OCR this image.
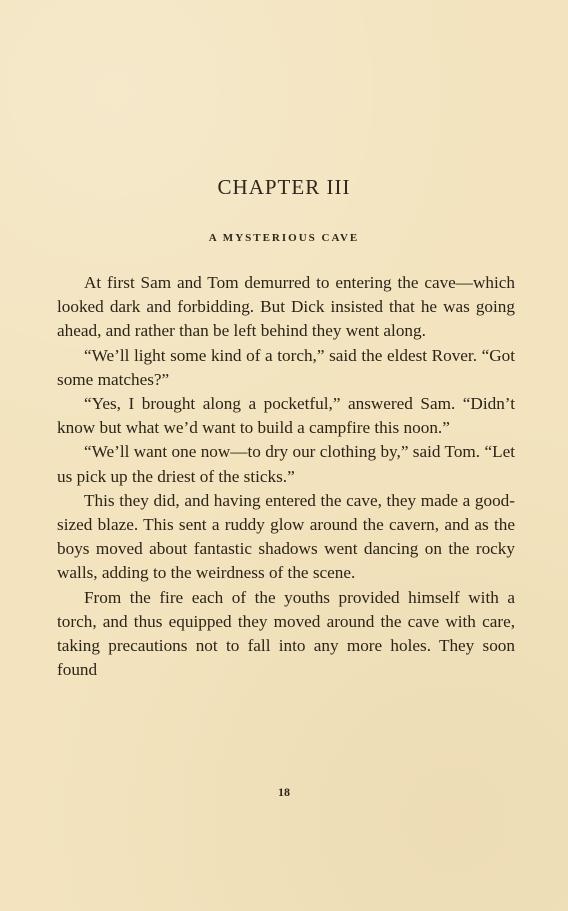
CHAPTER III
A MYSTERIOUS CAVE

At first Sam and Tom demurred to entering the cave—which looked dark and forbidding. But Dick insisted that he was going ahead, and rather than be left behind they went along.

“We’ll light some kind of a torch,” said the eldest Rover. “Got some matches?”

“Yes, I brought along a pocketful,” answered Sam. “Didn’t know but what we’d want to build a campfire this noon.”

“We’ll want one now—to dry our clothing by,” said Tom. “Let us pick up the driest of the sticks.”

This they did, and having entered the cave, they made a good-sized blaze. This sent a ruddy glow around the cavern, and as the boys moved about fantastic shadows went dancing on the rocky walls, adding to the weirdness of the scene.

From the fire each of the youths provided himself with a torch, and thus equipped they moved around the cave with care, taking precautions not to fall into any more holes. They soon found

18
